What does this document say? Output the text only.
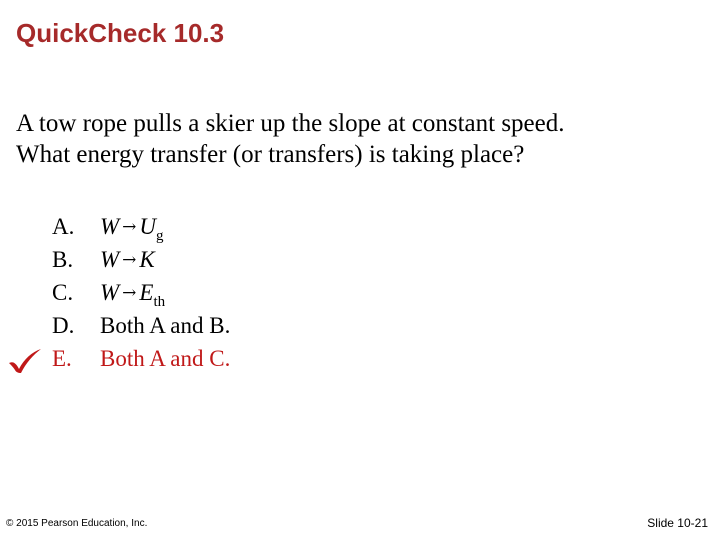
QuickCheck 10.3
A tow rope pulls a skier up the slope at constant speed.
What energy transfer (or transfers) is taking place?
A. $W \to U_g$
B. W → K
C. $W \to E_{th}$
D. Both A and B.
E. Both A and C.
© 2015 Pearson Education, Inc.	Slide 10-21
